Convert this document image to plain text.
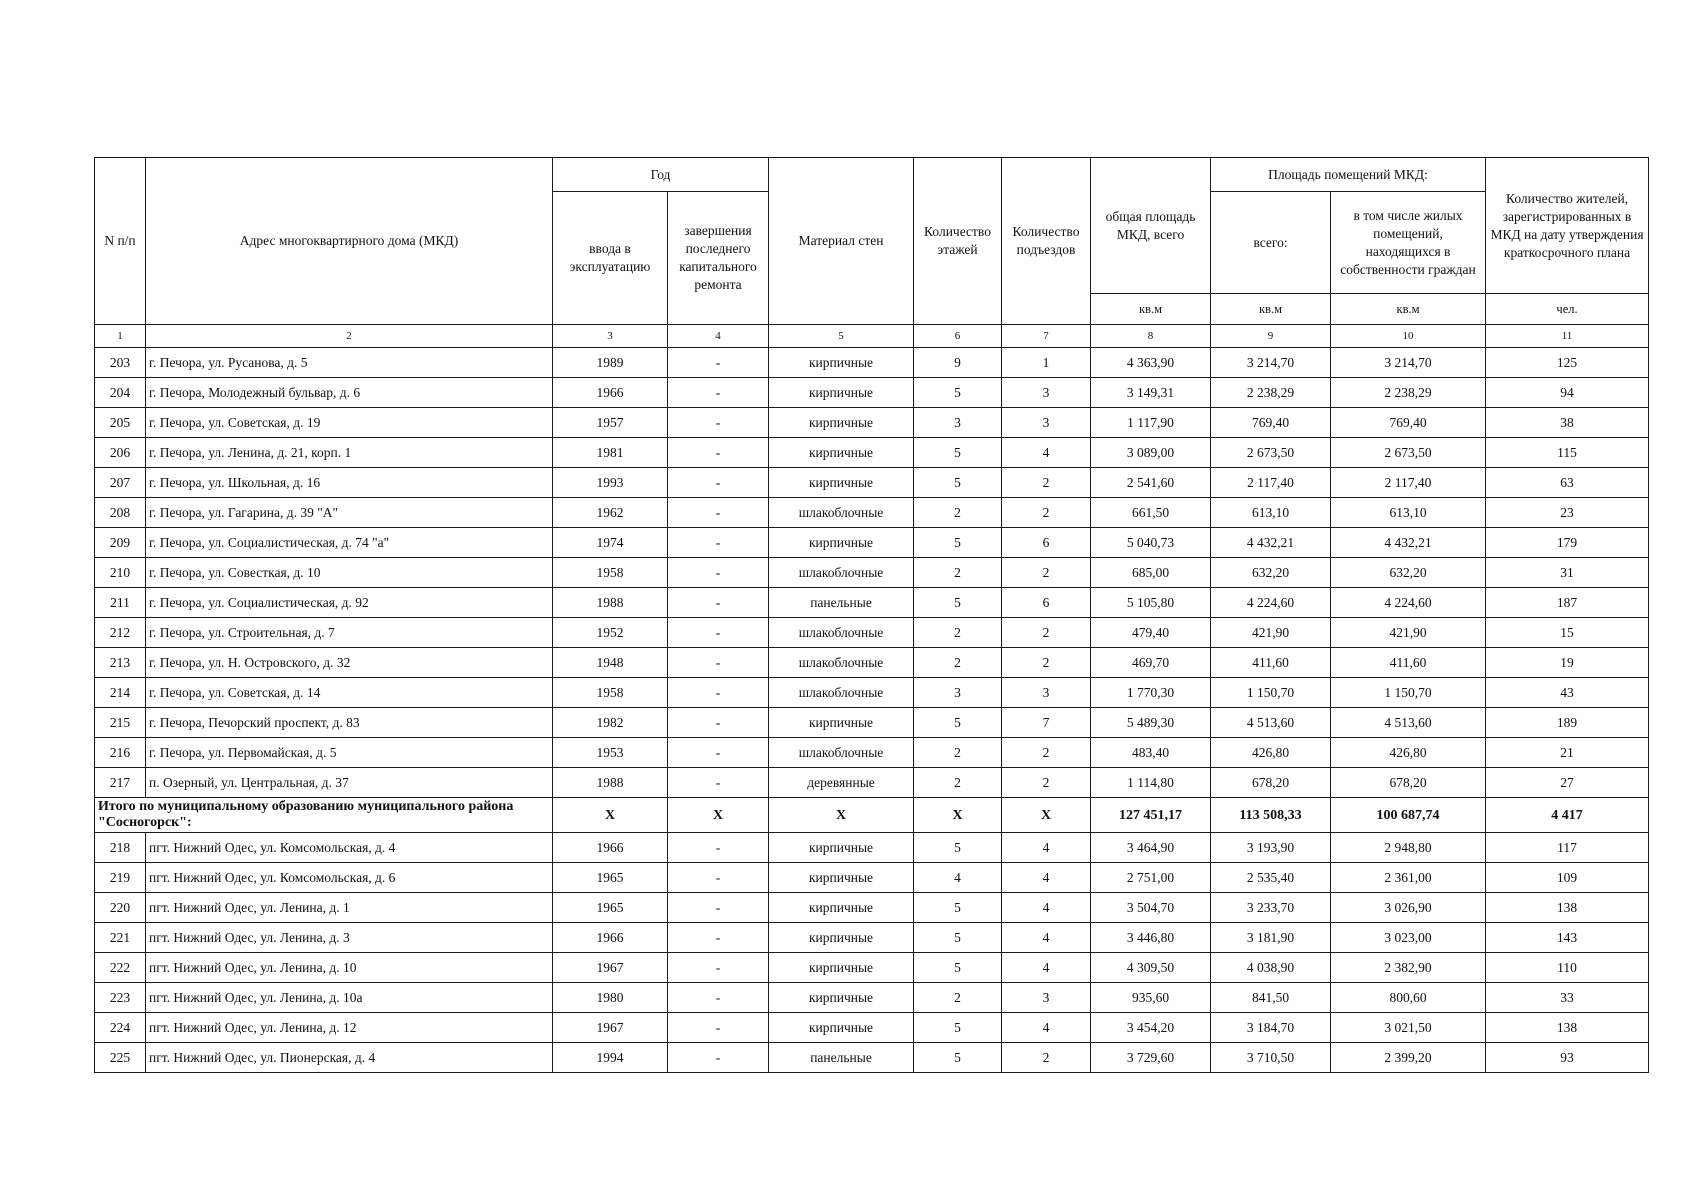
N п/п	Адрес многоквартирного дома (МКД)	Год		Материал стен	Количество этажей	Количество подъездов	общая площадь МКД, всего	Площадь помещений МКД:		Количество жителей, зарегистрированных в МКД на дату утверждения краткосрочного плана
		ввода в эксплуатацию	завершения последнего капитального ремонта					всего:	в том числе жилых помещений, находящихся в собственности граждан	
							кв.м	кв.м	кв.м	чел.
1	2	3	4	5	6	7	8	9	10	11
203	г. Печора, ул. Русанова, д. 5	1989	-	кирпичные	9	1	4 363,90	3 214,70	3 214,70	125
204	г. Печора, Молодежный бульвар, д. 6	1966	-	кирпичные	5	3	3 149,31	2 238,29	2 238,29	94
205	г. Печора, ул. Советская, д. 19	1957	-	кирпичные	3	3	1 117,90	769,40	769,40	38
206	г. Печора, ул. Ленина, д. 21, корп. 1	1981	-	кирпичные	5	4	3 089,00	2 673,50	2 673,50	115
207	г. Печора, ул. Школьная, д. 16	1993	-	кирпичные	5	2	2 541,60	2 117,40	2 117,40	63
208	г. Печора, ул. Гагарина, д. 39 "А"	1962	-	шлакоблочные	2	2	661,50	613,10	613,10	23
209	г. Печора, ул. Социалистическая, д. 74 "а"	1974	-	кирпичные	5	6	5 040,73	4 432,21	4 432,21	179
210	г. Печора, ул. Совесткая, д. 10	1958	-	шлакоблочные	2	2	685,00	632,20	632,20	31
211	г. Печора, ул. Социалистическая, д. 92	1988	-	панельные	5	6	5 105,80	4 224,60	4 224,60	187
212	г. Печора, ул. Строительная, д. 7	1952	-	шлакоблочные	2	2	479,40	421,90	421,90	15
213	г. Печора, ул. Н. Островского, д. 32	1948	-	шлакоблочные	2	2	469,70	411,60	411,60	19
214	г. Печора, ул. Советская, д. 14	1958	-	шлакоблочные	3	3	1 770,30	1 150,70	1 150,70	43
215	г. Печора, Печорский проспект, д. 83	1982	-	кирпичные	5	7	5 489,30	4 513,60	4 513,60	189
216	г. Печора, ул. Первомайская, д. 5	1953	-	шлакоблочные	2	2	483,40	426,80	426,80	21
217	п. Озерный, ул. Центральная, д. 37	1988	-	деревянные	2	2	1 114,80	678,20	678,20	27
Итого по муниципальному образованию муниципального района "Сосногорск":		X	X	X	X	X	127 451,17	113 508,33	100 687,74	4 417
218	пгт. Нижний Одес, ул. Комсомольская, д. 4	1966	-	кирпичные	5	4	3 464,90	3 193,90	2 948,80	117
219	пгт. Нижний Одес, ул. Комсомольская, д. 6	1965	-	кирпичные	4	4	2 751,00	2 535,40	2 361,00	109
220	пгт. Нижний Одес, ул. Ленина, д. 1	1965	-	кирпичные	5	4	3 504,70	3 233,70	3 026,90	138
221	пгт. Нижний Одес, ул. Ленина, д. 3	1966	-	кирпичные	5	4	3 446,80	3 181,90	3 023,00	143
222	пгт. Нижний Одес, ул. Ленина, д. 10	1967	-	кирпичные	5	4	4 309,50	4 038,90	2 382,90	110
223	пгт. Нижний Одес, ул. Ленина, д. 10а	1980	-	кирпичные	2	3	935,60	841,50	800,60	33
224	пгт. Нижний Одес, ул. Ленина, д. 12	1967	-	кирпичные	5	4	3 454,20	3 184,70	3 021,50	138
225	пгт. Нижний Одес, ул. Пионерская, д. 4	1994	-	панельные	5	2	3 729,60	3 710,50	2 399,20	93
